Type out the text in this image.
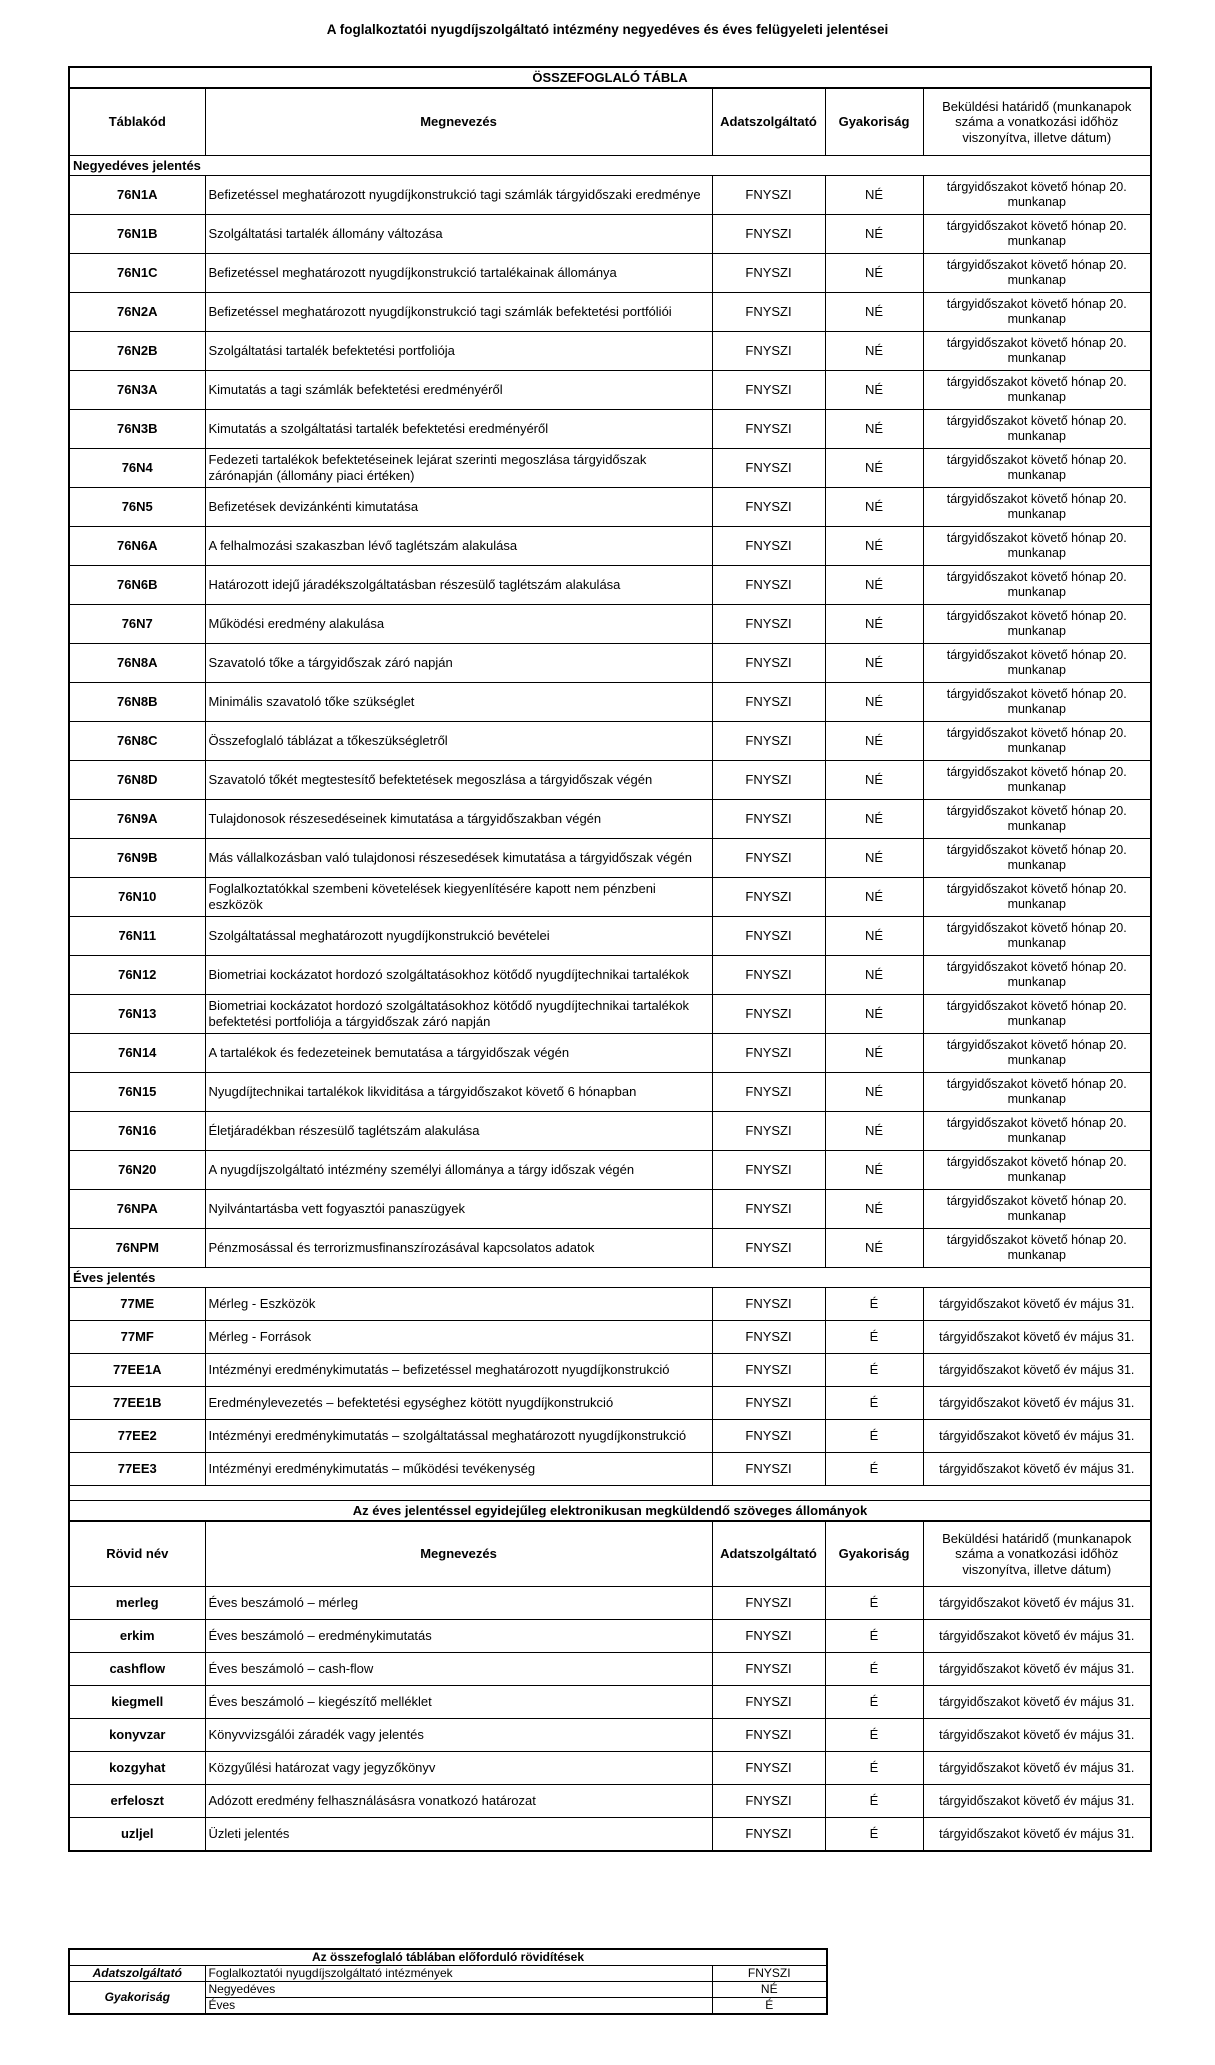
A foglalkoztatói nyugdíjszolgáltató intézmény negyedéves és éves felügyeleti jelentései
ÖSSZEFOGLALÓ TÁBLA				
Táblakód	Megnevezés	Adatszolgáltató	Gyakoriság	Beküldési határidő (munkanapok száma a vonatkozási időhöz viszonyítva, illetve dátum)
Negyedéves jelentés				
76N1A	Befizetéssel meghatározott nyugdíjkonstrukció tagi számlák tárgyidőszaki eredménye	FNYSZI	NÉ	tárgyidőszakot követő hónap 20. munkanap
76N1B	Szolgáltatási tartalék állomány változása	FNYSZI	NÉ	tárgyidőszakot követő hónap 20. munkanap
76N1C	Befizetéssel meghatározott nyugdíjkonstrukció tartalékainak állománya	FNYSZI	NÉ	tárgyidőszakot követő hónap 20. munkanap
76N2A	Befizetéssel meghatározott nyugdíjkonstrukció tagi számlák befektetési portfóliói	FNYSZI	NÉ	tárgyidőszakot követő hónap 20. munkanap
76N2B	Szolgáltatási tartalék befektetési portfoliója	FNYSZI	NÉ	tárgyidőszakot követő hónap 20. munkanap
76N3A	Kimutatás a tagi számlák befektetési eredményéről	FNYSZI	NÉ	tárgyidőszakot követő hónap 20. munkanap
76N3B	Kimutatás a szolgáltatási tartalék befektetési eredményéről	FNYSZI	NÉ	tárgyidőszakot követő hónap 20. munkanap
76N4	Fedezeti tartalékok befektetéseinek lejárat szerinti megoszlása tárgyidőszak zárónapján (állomány piaci értéken)	FNYSZI	NÉ	tárgyidőszakot követő hónap 20. munkanap
76N5	Befizetések devizánkénti kimutatása	FNYSZI	NÉ	tárgyidőszakot követő hónap 20. munkanap
76N6A	A felhalmozási szakaszban lévő taglétszám alakulása	FNYSZI	NÉ	tárgyidőszakot követő hónap 20. munkanap
76N6B	Határozott idejű járadékszolgáltatásban részesülő taglétszám alakulása	FNYSZI	NÉ	tárgyidőszakot követő hónap 20. munkanap
76N7	Működési eredmény alakulása	FNYSZI	NÉ	tárgyidőszakot követő hónap 20. munkanap
76N8A	Szavatoló tőke a tárgyidőszak záró napján	FNYSZI	NÉ	tárgyidőszakot követő hónap 20. munkanap
76N8B	Minimális szavatoló tőke szükséglet	FNYSZI	NÉ	tárgyidőszakot követő hónap 20. munkanap
76N8C	Összefoglaló táblázat a tőkeszükségletről	FNYSZI	NÉ	tárgyidőszakot követő hónap 20. munkanap
76N8D	Szavatoló tőkét megtestesítő befektetések megoszlása a tárgyidőszak végén	FNYSZI	NÉ	tárgyidőszakot követő hónap 20. munkanap
76N9A	Tulajdonosok részesedéseinek kimutatása a tárgyidőszakban végén	FNYSZI	NÉ	tárgyidőszakot követő hónap 20. munkanap
76N9B	Más vállalkozásban való tulajdonosi részesedések kimutatása a tárgyidőszak végén	FNYSZI	NÉ	tárgyidőszakot követő hónap 20. munkanap
76N10	Foglalkoztatókkal szembeni követelések kiegyenlítésére kapott nem pénzbeni eszközök	FNYSZI	NÉ	tárgyidőszakot követő hónap 20. munkanap
76N11	Szolgáltatással meghatározott nyugdíjkonstrukció bevételei	FNYSZI	NÉ	tárgyidőszakot követő hónap 20. munkanap
76N12	Biometriai kockázatot hordozó szolgáltatásokhoz kötődő nyugdíjtechnikai tartalékok	FNYSZI	NÉ	tárgyidőszakot követő hónap 20. munkanap
76N13	Biometriai kockázatot hordozó szolgáltatásokhoz kötődő nyugdíjtechnikai tartalékok befektetési portfoliója a tárgyidőszak záró napján	FNYSZI	NÉ	tárgyidőszakot követő hónap 20. munkanap
76N14	A tartalékok és fedezeteinek bemutatása a tárgyidőszak végén	FNYSZI	NÉ	tárgyidőszakot követő hónap 20. munkanap
76N15	Nyugdíjtechnikai tartalékok likviditása a tárgyidőszakot követő 6 hónapban	FNYSZI	NÉ	tárgyidőszakot követő hónap 20. munkanap
76N16	Életjáradékban részesülő taglétszám alakulása	FNYSZI	NÉ	tárgyidőszakot követő hónap 20. munkanap
76N20	A nyugdíjszolgáltató intézmény személyi állománya a tárgy időszak végén	FNYSZI	NÉ	tárgyidőszakot követő hónap 20. munkanap
76NPA	Nyilvántartásba vett fogyasztói panaszügyek	FNYSZI	NÉ	tárgyidőszakot követő hónap 20. munkanap
76NPM	Pénzmosással és terrorizmusfinanszírozásával kapcsolatos adatok	FNYSZI	NÉ	tárgyidőszakot követő hónap 20. munkanap
Éves jelentés				
77ME	Mérleg - Eszközök	FNYSZI	É	tárgyidőszakot követő év május 31.
77MF	Mérleg - Források	FNYSZI	É	tárgyidőszakot követő év május 31.
77EE1A	Intézményi eredménykimutatás – befizetéssel meghatározott nyugdíjkonstrukció	FNYSZI	É	tárgyidőszakot követő év május 31.
77EE1B	Eredménylevezetés – befektetési egységhez kötött nyugdíjkonstrukció	FNYSZI	É	tárgyidőszakot követő év május 31.
77EE2	Intézményi eredménykimutatás – szolgáltatással meghatározott nyugdíjkonstrukció	FNYSZI	É	tárgyidőszakot követő év május 31.
77EE3	Intézményi eredménykimutatás – működési tevékenység	FNYSZI	É	tárgyidőszakot követő év május 31.

Az éves jelentéssel egyidejűleg elektronikusan megküldendő szöveges állományok				
Rövid név	Megnevezés	Adatszolgáltató	Gyakoriság	Beküldési határidő (munkanapok száma a vonatkozási időhöz viszonyítva, illetve dátum)
merleg	Éves beszámoló – mérleg	FNYSZI	É	tárgyidőszakot követő év május 31.
erkim	Éves beszámoló – eredménykimutatás	FNYSZI	É	tárgyidőszakot követő év május 31.
cashflow	Éves beszámoló – cash-flow	FNYSZI	É	tárgyidőszakot követő év május 31.
kiegmell	Éves beszámoló – kiegészítő melléklet	FNYSZI	É	tárgyidőszakot követő év május 31.
konyvzar	Könyvvizsgálói záradék vagy jelentés	FNYSZI	É	tárgyidőszakot követő év május 31.
kozgyhat	Közgyűlési határozat vagy jegyzőkönyv	FNYSZI	É	tárgyidőszakot követő év május 31.
erfeloszt	Adózott eredmény felhasználásásra vonatkozó határozat	FNYSZI	É	tárgyidőszakot követő év május 31.
uzljel	Üzleti jelentés	FNYSZI	É	tárgyidőszakot követő év május 31.
Az összefoglaló táblában előforduló rövidítések		
Adatszolgáltató	Foglalkoztatói nyugdíjszolgáltató intézmények	FNYSZI
Gyakoriság	Negyedéves	NÉ
	Éves	É
